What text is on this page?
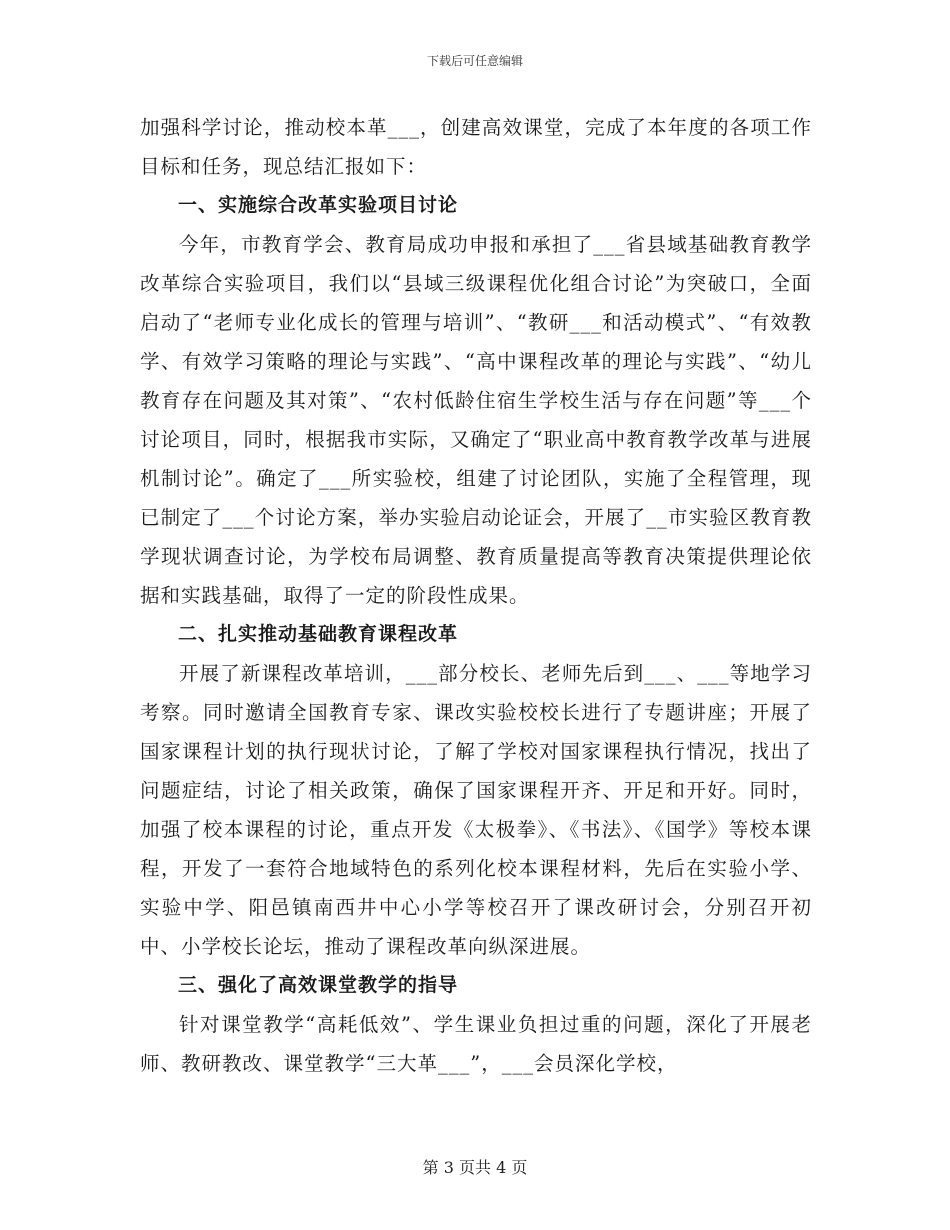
下载后可任意编辑

加强科学讨论，推动校本革___，创建高效课堂，完成了本年度的各项工作目标和任务，现总结汇报如下：

一、实施综合改革实验项目讨论

今年，市教育学会、教育局成功申报和承担了___省县域基础教育教学改革综合实验项目，我们以“县域三级课程优化组合讨论”为突破口，全面启动了“老师专业化成长的管理与培训”、“教研___和活动模式”、“有效教学、有效学习策略的理论与实践”、“高中课程改革的理论与实践”、“幼儿教育存在问题及其对策”、“农村低龄住宿生学校生活与存在问题”等___个讨论项目，同时，根据我市实际，又确定了“职业高中教育教学改革与进展机制讨论”。确定了___所实验校，组建了讨论团队，实施了全程管理，现已制定了___个讨论方案，举办实验启动论证会，开展了__市实验区教育教学现状调查讨论，为学校布局调整、教育质量提高等教育决策提供理论依据和实践基础，取得了一定的阶段性成果。

二、扎实推动基础教育课程改革

开展了新课程改革培训，___部分校长、老师先后到___、___等地学习考察。同时邀请全国教育专家、课改实验校校长进行了专题讲座；开展了国家课程计划的执行现状讨论，了解了学校对国家课程执行情况，找出了问题症结，讨论了相关政策，确保了国家课程开齐、开足和开好。同时，加强了校本课程的讨论，重点开发《太极拳》、《书法》、《国学》等校本课程，开发了一套符合地域特色的系列化校本课程材料，先后在实验小学、实验中学、阳邑镇南西井中心小学等校召开了课改研讨会，分别召开初中、小学校长论坛，推动了课程改革向纵深进展。

三、强化了高效课堂教学的指导

针对课堂教学“高耗低效”、学生课业负担过重的问题，深化了开展老师、教研教改、课堂教学“三大革___”，___会员深化学校，

第 3 页共 4 页
